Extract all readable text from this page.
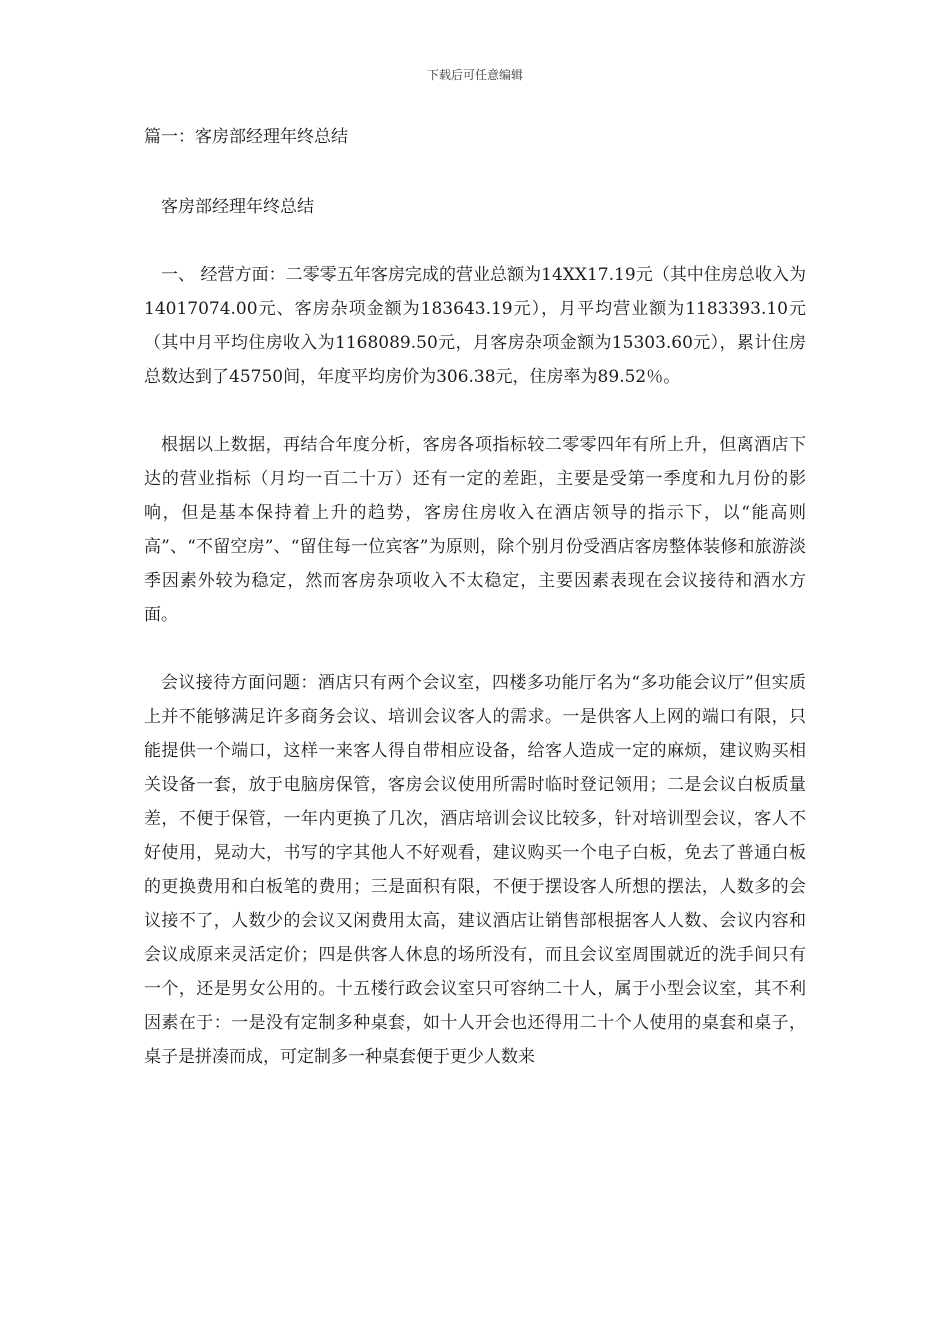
下载后可任意编辑

篇一：客房部经理年终总结

客房部经理年终总结

一、 经营方面：二零零五年客房完成的营业总额为14XX17.19元（其中住房总收入为14017074.00元、客房杂项金额为183643.19元），月平均营业额为1183393.10元（其中月平均住房收入为1168089.50元，月客房杂项金额为15303.60元），累计住房总数达到了45750间，年度平均房价为306.38元，住房率为89.52％。

根据以上数据，再结合年度分析，客房各项指标较二零零四年有所上升，但离酒店下达的营业指标（月均一百二十万）还有一定的差距，主要是受第一季度和九月份的影响，但是基本保持着上升的趋势，客房住房收入在酒店领导的指示下，以“能高则高”、“不留空房”、“留住每一位宾客”为原则，除个别月份受酒店客房整体装修和旅游淡季因素外较为稳定，然而客房杂项收入不太稳定，主要因素表现在会议接待和酒水方面。

会议接待方面问题：酒店只有两个会议室，四楼多功能厅名为“多功能会议厅”但实质上并不能够满足许多商务会议、培训会议客人的需求。一是供客人上网的端口有限，只能提供一个端口，这样一来客人得自带相应设备，给客人造成一定的麻烦，建议购买相关设备一套，放于电脑房保管，客房会议使用所需时临时登记领用；二是会议白板质量差，不便于保管，一年内更换了几次，酒店培训会议比较多，针对培训型会议，客人不好使用，晃动大，书写的字其他人不好观看，建议购买一个电子白板，免去了普通白板的更换费用和白板笔的费用；三是面积有限，不便于摆设客人所想的摆法，人数多的会议接不了，人数少的会议又闲费用太高，建议酒店让销售部根据客人人数、会议内容和会议成原来灵活定价；四是供客人休息的场所没有，而且会议室周围就近的洗手间只有一个，还是男女公用的。十五楼行政会议室只可容纳二十人，属于小型会议室，其不利因素在于：一是没有定制多种桌套，如十人开会也还得用二十个人使用的桌套和桌子，桌子是拼凑而成，可定制多一种桌套便于更少人数来
